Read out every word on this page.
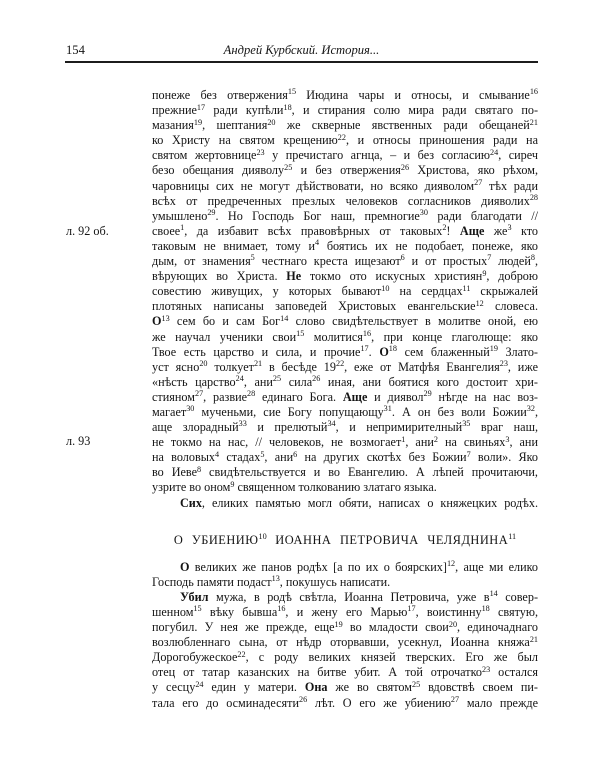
154	Андрей Курбский. История...
л. 92 об.
л. 93
понеже без отвержения$^{15}$ Июдина чары и относы, и смывание$^{16}$
прежние$^{17}$ ради купѣли$^{18}$, и стирания солю мира ради святаго по-
мазания$^{19}$, шептания$^{20}$ же скверные явственных ради обещаней$^{21}$
ко Христу на святом крещению$^{22}$, и относы приношения ради на
святом жертовнице$^{23}$ у пречистаго агнца, – и без согласию$^{24}$, сиреч
безо обещания дияволу$^{25}$ и без отвержения$^{26}$ Христова, яко рѣхом,
чаровницы сих не могут дѣйствовати, но всяко дияволом$^{27}$ тѣх ради
всѣх от предреченных презлых человеков согласников дияволих$^{28}$
умышлено$^{29}$. Но Господь Бог наш, премногие$^{30}$ ради благодати //
своее$^1$, да избавит всѣх правовѣрных от таковых$^2$! Аще $же^3$ кто
таковым не внимает, тому $и^4$ боятись их не подобает, понеже, яко
дым, от знамения$^5$ честнаго креста ищезают$^6$ и от простых$^7$ людей$^8$,
вѣрующих во Христа. Не токмо ото искусных християн$^9$, доброю
совестию живущих, у которых бывают$^{10}$ на сердцах$^{11}$ скрыжалей
плотяных написаны заповедей Христовых евангельские$^{12}$ словеса.
$О^{13}$ сем бо и сам Бог$^{14}$ слово свидѣтельствует в молитве оной, ею
же научал ученики свои$^{15}$ молитися$^{16}$, при конце глаголюще: яко
Твое есть царство и сила, и прочие$^{17}$. $О^{18}$ сем блаженный$^{19}$ Злато-
уст ясно$^{20}$ толкует$^{21}$ в бесѣде $19^{22}$, еже от Матфѣя Евангелия$^{23}$, иже
«нѣсть царство$^{24}$, ани$^{25}$ сила$^{26}$ иная, ани боятися кого достоит хри-
стияном$^{27}$, развие$^{28}$ единаго Бога. Аще и диявол$^{29}$ нѣгде на нас воз-
магает$^{30}$ мученьми, сие Богу попущающу$^{31}$. А он без воли Божии$^{32}$,
аще злорадный$^{33}$ и прелютый$^{34}$, и непримирителный$^{35}$ враг наш,
не токмо на нас, // человеков, не возмогает$^1$, ани$^2$ на свиньях$^3$, ани
на воловых$^4$ стадах$^5$, ани$^6$ на других скотѣх без Божии$^7$ воли». Яко
во Иеве$^8$ свидѣтельствуется и во Евангелию. А лѣпей прочитаючи,
узрите во оном$^9$ священном толкованию златаго языка.
Сих, еликих памятью могл обяти, написах о княжецких родѣх.
О УБИЕНИЮ$^{10}$ ИОАННА ПЕТРОВИЧА ЧЕЛЯДНИНА$^{11}$
О великих же панов родѣх [а по их о боярских]$^{12}$, аще ми елико
Господь памяти подаст$^{13}$, покушусь написати.
Убил мужа, в родѣ свѣтла, Иоанна Петровича, уже $в^{14}$ совер-
шенном$^{15}$ вѣку бывша$^{16}$, и жену его Марью$^{17}$, воистинну$^{18}$ святую,
погубил. У нея же прежде, еще$^{19}$ во младости свои$^{20}$, единочаднаго
возлюбленнаго сына, от нѣдр оторвавши, усекнул, Иоанна княжа$^{21}$
Дорогобужеское$^{22}$, с роду великих князей тверских. Его же был
отец от татар казанских на битве убит. А той отрочатко$^{23}$ остался
у сесцу$^{24}$ един у матери. Она же во святом$^{25}$ вдовствѣ своем пи-
тала его до осминадесяти$^{26}$ лѣт. О его же убиению$^{27}$ мало прежде
